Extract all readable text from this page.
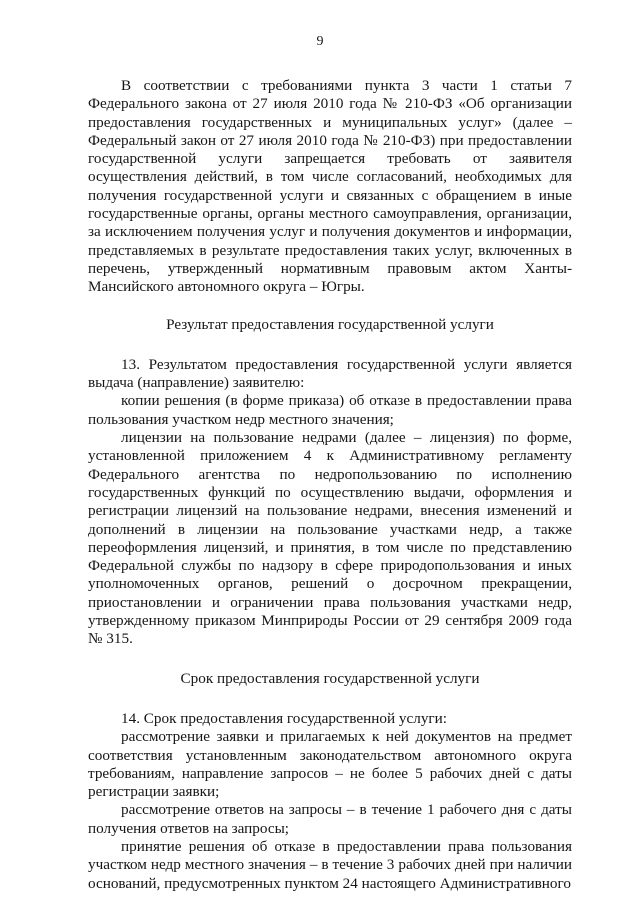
9

В соответствии с требованиями пункта 3 части 1 статьи 7 Федерального закона от 27 июля 2010 года № 210-ФЗ «Об организации предоставления государственных и муниципальных услуг» (далее – Федеральный закон от 27 июля 2010 года № 210-ФЗ) при предоставлении государственной услуги запрещается требовать от заявителя осуществления действий, в том числе согласований, необходимых для получения государственной услуги и связанных с обращением в иные государственные органы, органы местного самоуправления, организации, за исключением получения услуг и получения документов и информации, представляемых в результате предоставления таких услуг, включенных в перечень, утвержденный нормативным правовым актом Ханты-Мансийского автономного округа – Югры.

Результат предоставления государственной услуги

13. Результатом предоставления государственной услуги является выдача (направление) заявителю:

копии решения (в форме приказа) об отказе в предоставлении права пользования участком недр местного значения;

лицензии на пользование недрами (далее – лицензия) по форме, установленной приложением 4 к Административному регламенту Федерального агентства по недропользованию по исполнению государственных функций по осуществлению выдачи, оформления и регистрации лицензий на пользование недрами, внесения изменений и дополнений в лицензии на пользование участками недр, а также переоформления лицензий, и принятия, в том числе по представлению Федеральной службы по надзору в сфере природопользования и иных уполномоченных органов, решений о досрочном прекращении, приостановлении и ограничении права пользования участками недр, утвержденному приказом Минприроды России от 29 сентября 2009 года № 315.

Срок предоставления государственной услуги

14. Срок предоставления государственной услуги:

рассмотрение заявки и прилагаемых к ней документов на предмет соответствия установленным законодательством автономного округа требованиям, направление запросов – не более 5 рабочих дней с даты регистрации заявки;

рассмотрение ответов на запросы – в течение 1 рабочего дня с даты получения ответов на запросы;

принятие решения об отказе в предоставлении права пользования участком недр местного значения – в течение 3 рабочих дней при наличии оснований, предусмотренных пунктом 24 настоящего Административного
